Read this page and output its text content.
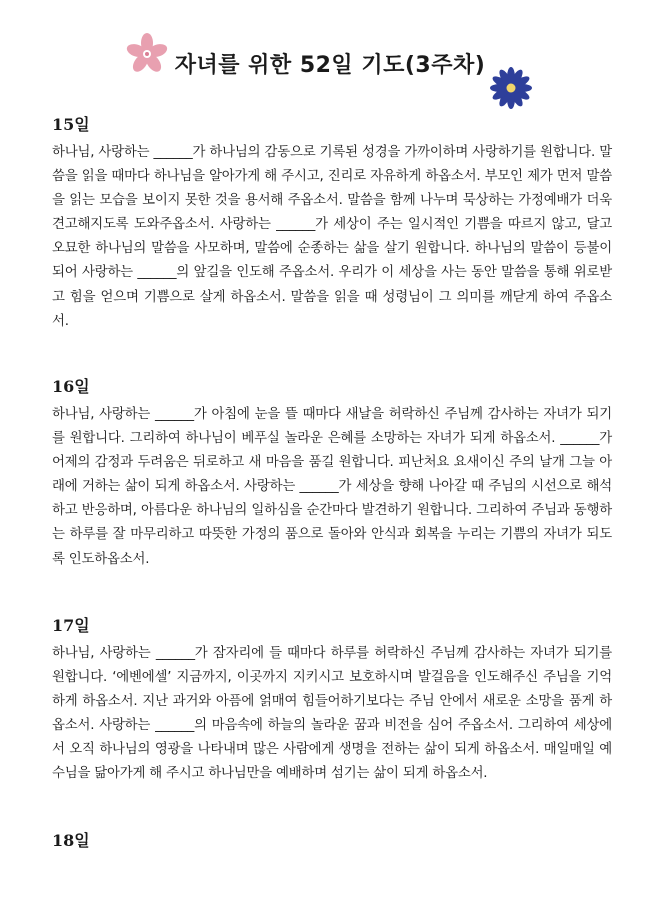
자녀를 위한 52일 기도(3주차)
15일

하나님, 사랑하는 ______가 하나님의 감동으로 기록된 성경을 가까이하며 사랑하기를 원합니다. 말씀을 읽을 때마다 하나님을 알아가게 해 주시고, 진리로 자유하게 하옵소서. 부모인 제가 먼저 말씀을 읽는 모습을 보이지 못한 것을 용서해 주옵소서. 말씀을 함께 나누며 묵상하는 가정예배가 더욱 견고해지도록 도와주옵소서. 사랑하는 ______가 세상이 주는 일시적인 기쁨을 따르지 않고, 달고 오묘한 하나님의 말씀을 사모하며, 말씀에 순종하는 삶을 살기 원합니다. 하나님의 말씀이 등불이 되어 사랑하는 ______의 앞길을 인도해 주옵소서. 우리가 이 세상을 사는 동안 말씀을 통해 위로받고 힘을 얻으며 기쁨으로 살게 하옵소서. 말씀을 읽을 때 성령님이 그 의미를 깨닫게 하여 주옵소서.

16일

하나님, 사랑하는 ______가 아침에 눈을 뜰 때마다 새날을 허락하신 주님께 감사하는 자녀가 되기를 원합니다. 그리하여 하나님이 베푸실 놀라운 은혜를 소망하는 자녀가 되게 하옵소서. ______가 어제의 감정과 두려움은 뒤로하고 새 마음을 품길 원합니다. 피난처요 요새이신 주의 날개 그늘 아래에 거하는 삶이 되게 하옵소서. 사랑하는 ______가 세상을 향해 나아갈 때 주님의 시선으로 해석하고 반응하며, 아름다운 하나님의 일하심을 순간마다 발견하기 원합니다. 그리하여 주님과 동행하는 하루를 잘 마무리하고 따뜻한 가정의 품으로 돌아와 안식과 회복을 누리는 기쁨의 자녀가 되도록 인도하옵소서.

17일

하나님, 사랑하는 ______가 잠자리에 들 때마다 하루를 허락하신 주님께 감사하는 자녀가 되기를 원합니다. ‘에벤에셀’ 지금까지, 이곳까지 지키시고 보호하시며 발걸음을 인도해주신 주님을 기억하게 하옵소서. 지난 과거와 아픔에 얽매여 힘들어하기보다는 주님 안에서 새로운 소망을 품게 하옵소서. 사랑하는 ______의 마음속에 하늘의 놀라운 꿈과 비전을 심어 주옵소서. 그리하여 세상에서 오직 하나님의 영광을 나타내며 많은 사람에게 생명을 전하는 삶이 되게 하옵소서. 매일매일 예수님을 닮아가게 해 주시고 하나님만을 예배하며 섬기는 삶이 되게 하옵소서.

18일
